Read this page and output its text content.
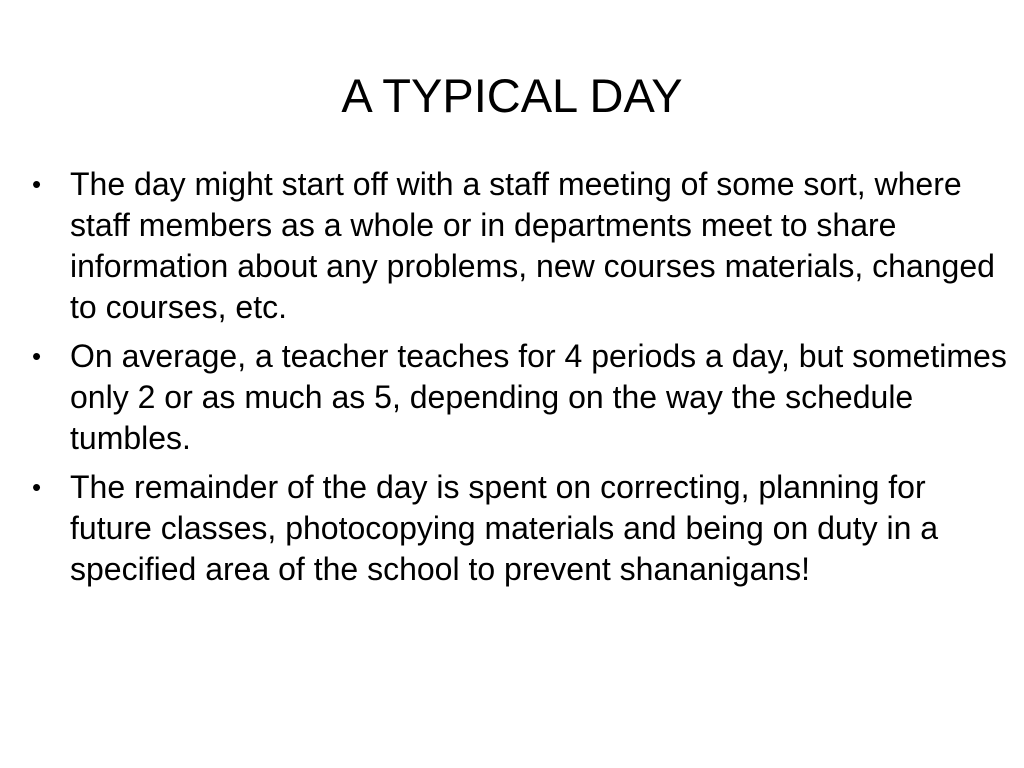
A TYPICAL DAY
• The day might start off with a staff meeting of some sort, where staff members as a whole or in departments meet to share information about any problems, new courses materials, changed to courses, etc.
• On average, a teacher teaches for 4 periods a day, but sometimes only 2 or as much as 5, depending on the way the schedule tumbles.
• The remainder of the day is spent on correcting, planning for future classes, photocopying materials and being on duty in a specified area of the school to prevent shananigans!
